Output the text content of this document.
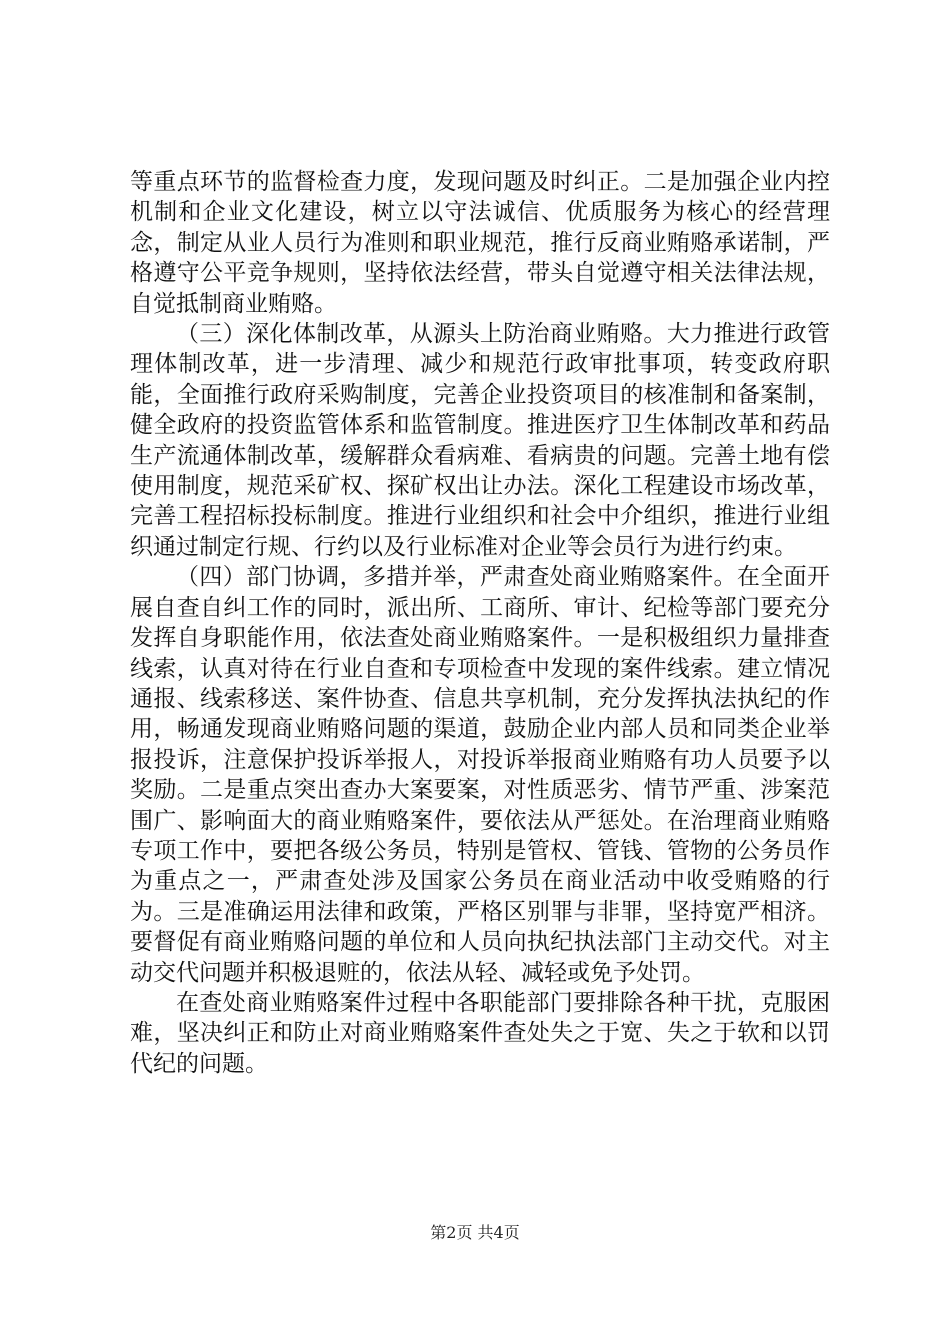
等重点环节的监督检查力度，发现问题及时纠正。二是加强企业内控机制和企业文化建设，树立以守法诚信、优质服务为核心的经营理念，制定从业人员行为准则和职业规范，推行反商业贿赂承诺制，严格遵守公平竞争规则，坚持依法经营，带头自觉遵守相关法律法规，自觉抵制商业贿赂。

（三）深化体制改革，从源头上防治商业贿赂。大力推进行政管理体制改革，进一步清理、减少和规范行政审批事项，转变政府职能，全面推行政府采购制度，完善企业投资项目的核准制和备案制，健全政府的投资监管体系和监管制度。推进医疗卫生体制改革和药品生产流通体制改革，缓解群众看病难、看病贵的问题。完善土地有偿使用制度，规范采矿权、探矿权出让办法。深化工程建设市场改革，完善工程招标投标制度。推进行业组织和社会中介组织，推进行业组织通过制定行规、行约以及行业标准对企业等会员行为进行约束。

（四）部门协调，多措并举，严肃查处商业贿赂案件。在全面开展自查自纠工作的同时，派出所、工商所、审计、纪检等部门要充分发挥自身职能作用，依法查处商业贿赂案件。一是积极组织力量排查线索，认真对待在行业自查和专项检查中发现的案件线索。建立情况通报、线索移送、案件协查、信息共享机制，充分发挥执法执纪的作用，畅通发现商业贿赂问题的渠道，鼓励企业内部人员和同类企业举报投诉，注意保护投诉举报人，对投诉举报商业贿赂有功人员要予以奖励。二是重点突出查办大案要案，对性质恶劣、情节严重、涉案范围广、影响面大的商业贿赂案件，要依法从严惩处。在治理商业贿赂专项工作中，要把各级公务员，特别是管权、管钱、管物的公务员作为重点之一，严肃查处涉及国家公务员在商业活动中收受贿赂的行为。三是准确运用法律和政策，严格区别罪与非罪，坚持宽严相济。要督促有商业贿赂问题的单位和人员向执纪执法部门主动交代。对主动交代问题并积极退赃的，依法从轻、减轻或免予处罚。

在查处商业贿赂案件过程中各职能部门要排除各种干扰，克服困难，坚决纠正和防止对商业贿赂案件查处失之于宽、失之于软和以罚代纪的问题。

第2页 共4页
